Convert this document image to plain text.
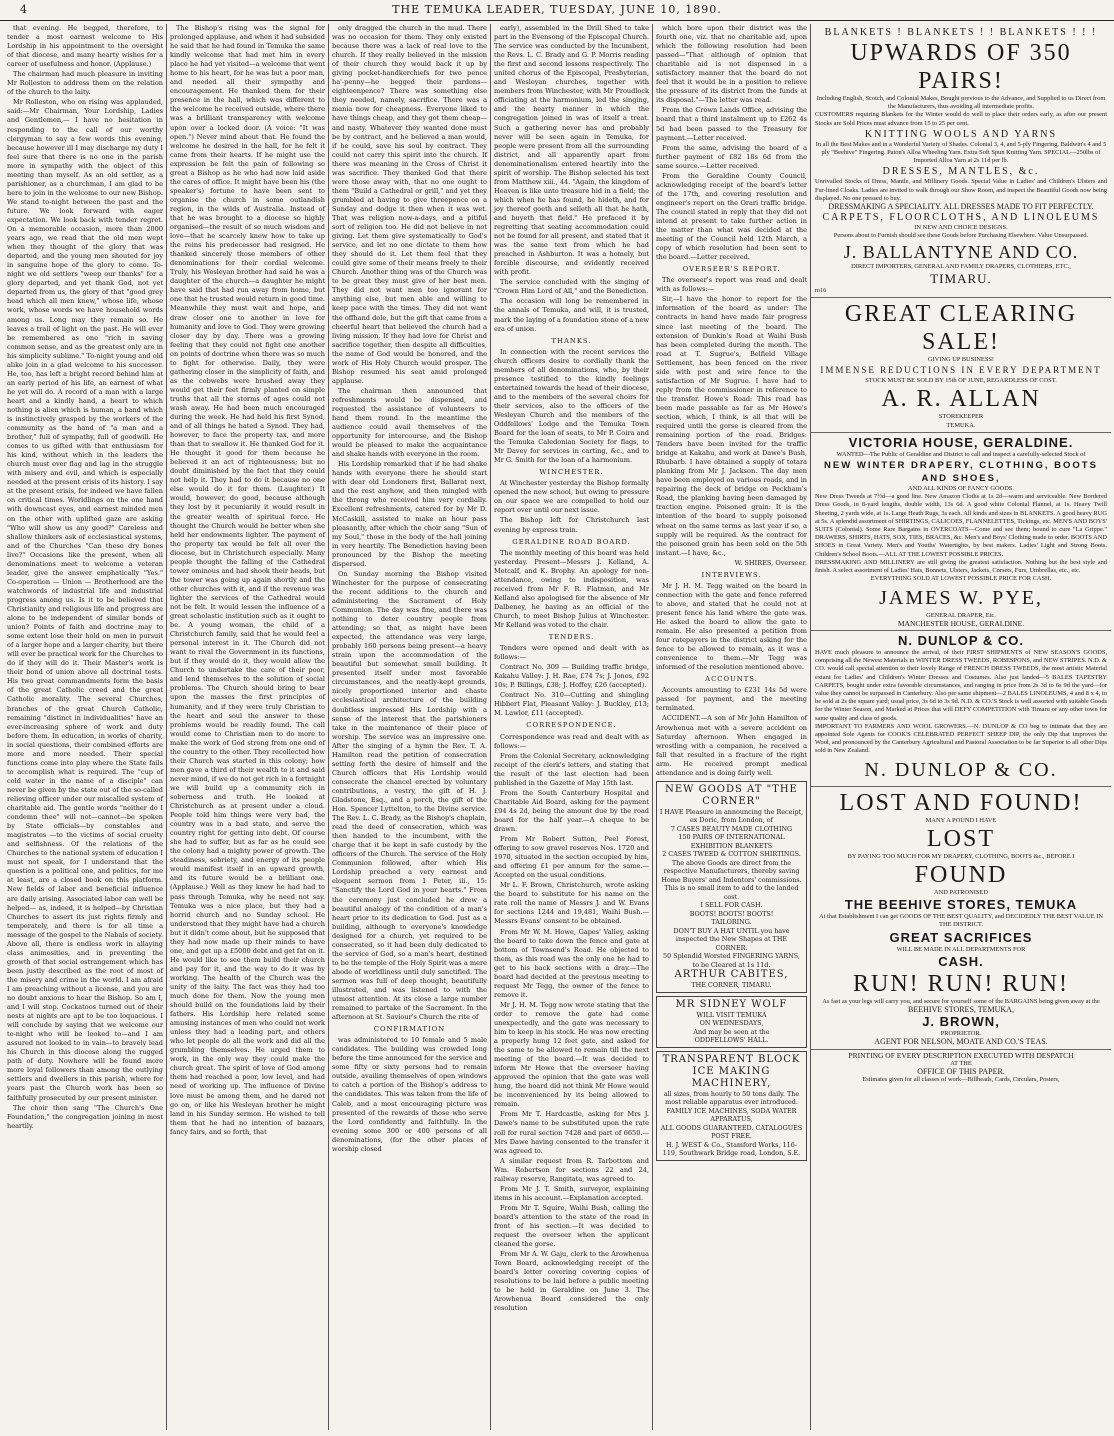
4	THE TEMUKA LEADER, TUESDAY, JUNE 10, 1890.

that evening. He begged, therefore, to tender a most earnest welcome to His Lordship in his appointment to the oversight of that diocese, and many hearty wishes for a career of usefulness and honor. (Applause.)

The chairman had much pleasure in inviting Mr Rolleston to address them on the relation of the church to the laity.

Mr Rolleston, who on rising was applauded, said:—Mr Chairman, Your Lordship, Ladies and Gentlemen,— I have no hesitation in responding to the call of our worthy clergyman to say a few words this evening, because however ill I may discharge my duty I feel sure that there is no one in the parish more in sympathy with the object of this meeting than myself. As an old settler, as a parishioner, as a churchman, I am glad to be here to join in the welcome to our new Bishop. We stand to-night between the past and the future. We look forward with eager expectation. We look back with tender regret. On a memorable occasion, more than 2000 years ago, we read that the old men wept when they thought of the glory that was departed, and the young men shouted for joy in sanguine hope of the glory to come. To-night we old settlers "weep our thanks" for a glory departed, and yet thank God, not yet departed from us, the glory of that "good grey head which all men knew," whose life, whose work, whose words we have household words among us. Long may they remain so. He leaves a trail of light on the past. He will ever be remembered as one "rich in saving common sense, and as the greatest only are in his simplicity sublime." To-night young and old alike join in a glad welcome to his successor. He, too, has left a bright record behind him at an early period of his life, an earnest of what he yet will do. A record of a man with a large heart and a kindly hand, a heart to which nothing is alien which is human, a hand which is instinctively grasped by the workers of the community as the hand of "a man and a brother," full of sympathy, full of goodwill. He comes to us gifted with that enthusiasm for his kind, without which in the leaders the church must ever flag and lag in the struggle with misery and evil, and which is especially needed at the present crisis of its history. I say at the present crisis, for indeed we have fallen on critical times. Worldlings on the one hand with downcast eyes, and earnest minded men on the other with uplifted gaze are asking "Who will show us any good?" Careless and shallow thinkers ask of ecclesiastical systems, and of the Churches "Can these dry bones live?" Occasions like the present, when all denominations meet to welcome a veteran leader, give the answer emphatically "Yes." Co-operation — Union — Brotherhood are the watchwords of industrial life and industrial progress among us. Is it to be believed that Christianity and religious life and progress are alone to be independent of similar bonds of union? Points of faith and doctrine may to some extent lose their hold on men in pursuit of a larger hope and a larger charity, but there will ever be practical work for the Churches to do if they will do it. Their Master's work is their bond of union above all doctrinal tests. His two great commandments form the basis of the great Catholic creed and the great Catholic morality. The several Churches, branches of the great Church Catholic, remaining "distinct in individualities" have an ever-increasing sphere of work and duty before them. In education, in works of charity, in social questions, their combined efforts are more and more needed. Their special functions come into play where the State fails to accomplish what is required. The "cup of cold water in the name of a disciple" can never be given by the state out of the so-called relieving officer under our miscalled system of charitable aid. The gentle words "neither do I condemn thee" will not—cannot—be spoken by State officials—by constables and magistrates —to the victims of social cruelty and selfishness. Of the relations of the Churches to the national system of education I must not speak, for I understand that the question is a political one, and politics, for me at least, are a closed book on this platform. New fields of labor and beneficial influence are daily arising. Associated labor can well be helped— as, indeed, it is helped—by Christian Churches to assert its just rights firmly and temperately, and there is for all time a message of the gospel to the Nabals of society. Above all, there is endless work in allaying class animosities, and in preventing the growth of that social estrangement which has been justly described as the root of most of the misery and crime in the world. I am afraid I am preaching without a license, and you are no doubt anxious to hear the Bishop. So am I, and I will stop. Cockatoos turned out of their nests at nights are apt to be too loquacious. I will conclude by saying that we welcome our to-night who will be looked to—and I am assured not looked to in vain—to bravely lead his Church in this diocese along the rugged path of duty. Nowhere will be found more more loyal followers than among the outlying settlers and dwellers in this parish, where for years past the Church work has been so faithfully prosecuted by our present minister.

The choir then sang "The Church's One Foundation," the congregation joining in most heartily.

The Bishop's rising was the signal for prolonged applause, and when it had subsided he said that he had found in Temuka the same kindly welcome that had met him in every place he had yet visited—a welcome that went home to his heart, for he was but a poor man, and needed all their sympathy and encouragement. He thanked them for their presence in the hall, which was different to the welcome he received outside, where there was a brilliant transparency with welcome upon over a locked door. (A voice: "It was open.") Never mind about that. He found the welcome he desired in the hall, for he felt it came from their hearts. If he might use the expression he felt the pain of following so great a Bishop as he who had now laid aside the cares of office. It might have been his (the speaker's) fortune to have been sent to organise the church in some outlandish region, in the wilds of Australia. Instead of that he was brought to a diocese so highly organised—the result of so much wisdom and love—that he scarcely knew how to take up the reins his predecessor had resigned. He thanked sincerely those members of other denominations for their cordial welcome. Truly, his Wesleyan brother had said he was a daughter of the church—a daughter he might have said that had run away from home, but one that he trusted would return in good time. Meanwhile they must wait and hope, and draw closer one to another in love for humanity and love to God. They were growing closer day by day. There was a growing feeling that they could not fight one another on points of doctrine when there was so much to fight for otherwise. Daily, they were gathering closer in the simplicity of faith, and as the cobwebs were brushed away they would get their feet firmly planted on simple truths that all the storms of ages could not wash away. He had been much encouraged during the week. He had held his first Synod, and of all things he hated a Synod. They had, however, to face the property tax, and more than that to swallow it. He thanked God for it. He thought it good for them because he believed it an act of righteousness; but no doubt diminished by the fact that they could not help it. They had to do it because no one else would do it for them. (Laughter.) It would, however, do good, because although they lost by it pecuniarily it would result in the greater wealth of spiritual force. He thought the Church would be better when she held her endowments lighter. The payment of the property tax would be felt all over the diocese, but in Christchurch especially. Many people thought the falling of the Cathedral tower ominous and had shook their heads, but the tower was going up again shortly and the other churches with it, and if the revenue was lighter the services of the Cathedral would not be felt. It would lessen the influence of a great scholastic institution such as it ought to be. A young woman, the child of a Christchurch family, said that he would feel a personal interest in it. The Church did not want to rival the Government in its functions, but if they would do it, they would allow the Church to undertake the care of their poor, and lend themselves to the solution of social problems. The Church should bring to bear upon the masses the first principles of humanity, and if they were truly Christian to the heart and soul the answer to these problems would be readily found. The call would come to Christian men to do more to make the work of God strong from one end of the country to the other. They recollected how their Church was started in this colony; how men gave a third of their wealth to it and said never mind, if we do not get rich in a fortnight we will build up a community rich in soberness and truth. He looked at Christchurch as at present under a cloud. People told him things were very bad, the country was in a bad state, and serve the country right for getting into debt. Of course she had to suffer, but as far as he could see the colony had a mighty power of growth. The steadiness, sobriety, and energy of its people would manifest itself in an upward growth, and its future would be a brilliant one. (Applause.) Well as they knew he had had to pass through Temuka, why he need not say. Temuka was a nice place, but they had a horrid church and no Sunday school. He understood that they might have had a church but it didn't come about, but he supposed that they had now made up their minds to have one, and get up a £5000 debt and get fat on it. He would like to see them build their church and pay for it, and the way to do it was by working. The health of the Church was the unity of the laity. The fact was they had too much done for them. Now the young men should build on the foundations laid by their fathers. His Lordship here related some amusing instances of men who could not work unless they had a leading part, and others who let people do all the work and did all the grumbling themselves. He urged them to work, in the only way they could make the church great. The spirit of love of God among them had reached a poor, low level, and had need of working up. The influence of Divine love must be among them, and he dared not go on, or like his Wesleyan brother he might land in his Sunday sermon. He wished to tell them that he had no intention of bazaars, fancy fairs, and so forth, that

only dragged the church in the mud. There was no occasion for them. They only existed because there was a lack of real love to the church. If they really believed in the mission of their church they would back it up by giving pocket-handkerchiefs for two pence ha'-penny—he begged their pardons—eighteenpence? There was something else they needed, namely, sacrifice. There was a mania now for cheapness. Everyone liked to have things cheap, and they got them cheap—and nasty. Whatever they wanted done must be by contract, and he believed a man would, if he could, save his soul by contract. They could not carry this spirit into the church. If there was meaning in the Cross of Christ it was sacrifice. They thanked God that there were those away with, that no one ought to them "Build a Cathedral or grill," and yet they grumbled at having to give threepence on a Sunday and dodge it then when it was wet. That was religion now-a-days, and a pitiful sort of religion too. He did not believe in not giving. Let them give systematically to God's service, and let no one dictate to them how they should do it. Let them feel that they could give some of their means freely to their Church. Another thing was of the Church was to be great they must give of her best men. They did not want men too ignorant for anything else, but men able and willing to keep pace with the times. They did not want the offhand dole, but the gift that came from a cheerful heart that believed the church had a living mission. If they had love for Christ and sacrifice together, then despite all difficulties, the name of God would be honored, and the work of His Holy Church would prosper. The Bishop resumed his seat amid prolonged applause.

The chairman then announced that refreshments would be dispensed, and requested the assistance of volunteers to hand them round. In the meantime the audience could avail themselves of the opportunity for intercourse, and the Bishop would be pleased to make the acquaintance and shake hands with everyone in the room.

His Lordship remarked that if he had shake hands with everyone there he should start with dear old Londoners first, Ballarat next, and the rest anyhow, and then mingled with the throng who received him very cordially. Excellent refreshments, catered for by Mr D. McCaskill, assisted to make an hour pass pleasantly, after which the choir sang "Sun of my Soul," those in the body of the hall joining in very heartily. The Benediction having been pronounced by the Bishop the meeting dispersed.

On Sunday morning the Bishop visited Winchester for the purpose of consecrating the recent additions to the church and administering the Sacrament of Holy Communion. The day was fine, and there was nothing to deter country people from attending; so that, as might have been expected, the attendance was very large, probably 160 persons being present—a heavy strain upon the accommodation of the beautiful but somewhat small building. It presented itself under most favorable circumstances, and the neatly-kept grounds, nicely proportioned interior and chaste ecclesiastical architecture of the building doubtless impressed His Lordship with a sense of the interest that the parishioners take in the maintenance of their place of worship. The service was an impressive one. After the singing of a hymn the Rev. T. A. Hamilton read the petition of consecration setting forth the desire of himself and the Church officers that His Lordship would consecrate the chancel erected by voluntary contributions, a vestry, the gift of H. J. Gladstone, Esq., and a porch, the gift of the Hon. Spencer Lyttelton, to the Divine service. The Rev. L. C. Brady, as the Bishop's chaplain, read the deed of consecration, which was then handed to the incumbent, with the charge that it be kept in safe custody by the officers of the Church. The service of the Holy Communion followed, after which His Lordship preached a very earnest and eloquent sermon from 1 Peter, iii., 15: "Sanctify the Lord God in your hearts." From the ceremony just concluded he drew a beautiful analogy of the condition of a man's heart prior to its dedication to God. Just as a building, although to everyone's knowledge designed for a church, yet required to be consecrated, so it had been duly dedicated to the service of God, so a man's heart, destined to be the temple of the Holy Spirit was a mere abode of worldliness until duly sanctified. The sermon was full of deep thought, beautifully illustrated, and was listened to with the utmost attention. At its close a large number remained to partake of the Sacrament. In the afternoon at St. Saviour's Church the rite of

CONFIRMATION

was administered to 10 female and 5 male candidates. The building was crowded long before the time announced for the service and some fifty or sixty persons had to remain outside, availing themselves of open windows to catch a portion of the Bishop's address to the candidates. This was taken from the life of Caleb, and a most encouraging picture was presented of the rewards of those who serve the Lord confidently and faithfully. In the evening some 300 or 400 persons of all denominations, (for the other places of worship closed

early), assembled in the Drill Shed to take part in the Evensong of the Episcopal Church. The service was conducted by the Incumbent, the Revs. L. C. Brady and G. P. Morris reading the first and second lessons respectively. The united chorus of the Episcopal, Presbyterian, and Wesleyan churches, together with members from Winchester, with Mr Proudlock officiating at the harmonium, led the singing, and the hearty manner in which the congregation joined in was of itself a treat. Such a gathering never has and probably never will be seen again in Temuka, for people were present from all the surrounding district, and all apparently apart from denominationalism entered heartily into the spirit of worship. The Bishop selected his text from Matthew xiii., 44. "Again, the kingdom of Heaven is like unto treasure hid in a field; the which when he has found, he hideth, and for joy thereof goeth and selleth all that he hath, and buyeth that field." He prefaced it by regretting that seating accommodation could not be found for all present, and stated that it was the same text from which he had preached in Ashburton. It was a homely, but forcible discourse, and evidently received with profit.

The service concluded with the singing of "Crown Him Lord of All," and the Benediction.

The occasion will long be remembered in the annals of Temuka, and will, it is trusted, mark the laying of a foundation stone of a new era of union.

THANKS.

In connection with the recent services the church officers desire to cordially thank the members of all denominations, who, by their presence testified to the kindly feelings entertained towards the head of their diocese, and to the members of the several choirs for their services, also to the officers of the Wesleyan Church and the members of the Oddfellows' Lodge and the Temuka Town Board for the loan of seats, to Mr P. Coira and the Temuka Caledonian Society for flags, to Mr Davey for services in carting, &c., and to Mr G. Smith for the loan of a harmonium.

WINCHESTER.

At Winchester yesterday the Bishop formally opened the new school, but owing to pressure on our space we are compelled to hold our report over until our next issue.

The Bishop left for Christchurch last evening by express train.

GERALDINE ROAD BOARD.

The monthly meeting of this board was held yesterday. Present—Messrs J. Kelland, A. Metcalf, and K. Brophy. An apology for non-attendance, owing to indisposition, was received from Mr F. R. Flatman, and Mr Kelland also apologised for the absence of Mr Dalbeney, he having as an official of the Church, to meet Bishop Julius at Winchester. Mr Kelland was voted to the chair.

TENDERS.

Tenders were opened and dealt with as follows:—

Contract No. 309 — Building traffic bridge, Kakahu Valley: J. H. Rae, £74 7s; J. Jones, £92 10s; P. Billings, £38; J. Hoffey, £26 (accepted).

Contract No. 310—Cutting and shingling Hibbert Flat, Pleasant Valley: J. Buckley, £13; M. Lawlor, £11 (accepted).

CORRESPONDENCE.

Correspondence was read and dealt with as follows:—

From the Colonial Secretary, acknowledging receipt of the clerk's letters, and stating that the result of the last election had been published in the Gazette of May 15th last.

From the South Canterbury Hospital and Charitable Aid Board, asking for the payment £94 4s 2d, being the amount due by the road board for the half year.—A cheque to be drawn.

From Mr Robert Sutton, Peel Forest, offering to sow gravel reserves Nos. 1720 and 1970, situated in the section occupied by him, and offering £1 per annum for the same.—Accepted on the usual conditions.

Mr L. F. Brown, Christchurch, wrote asking the board to substitute for his name on the rate roll the name of Messrs J. and W. Evans for sections 1244 and 19,481, Waihi Bush.—Messrs Evans' consent to be obtained.

From Mr W. M. Howe, Gapes' Valley, asking the board to take down the fence and gate at bottom of Townsend's Road. He objected to them, as this road was the only one he had to get to his back sections with a dray.—The board had decided at the previous meeting to request Mr Tegg, the owner of the fence to remove it.

Mr J. H. M. Tegg now wrote stating that the order to remove the gate had come unexpectedly, and the gate was necessary to him to keep in his stock. He was now erecting a properly hung 12 feet gate, and asked for the same to be allowed to remain till the next meeting of the board.—It was decided to inform Mr Howe that the overseer having approved the opinion that the gate was well hung, the board did not think Mr Howe would be inconvenienced by its being allowed to remain.

From Mr T. Hardcastle, asking for Mrs J. Dawe's name to be substituted upon the rate roll for rural section 7428 and part of 6650.—Mrs Dawe having consented to the transfer it was agreed to.

A similar request from R. Tarbottom and Wm. Robertson for sections 22 and 24, railway reserve, Rangitata, was agreed to.

From Mr J. T. Smith, surveyor, explaining items in his account.—Explanation accepted.

From Mr T. Squire, Waihi Bush, calling the board's attention to the state of the road in front of his section.—It was decided to request the overseer when the applicant cleaned the gorse.

From Mr A. W. Gaju, clerk to the Arowhenua Town Board, acknowledging receipt of the board's letter covering covering copies of resolutions to be laid before a public meeting to be held in Geraldine on June 3. The Arowhenua Board considered the only resolution

which bore upon their district was the fourth one, viz. that no charitable aid, upon which the following resolution had been passed—"That although of opinion that charitable aid is not dispensed in a satisfactory manner that the board do not feel that it would be in a position to relieve the pressure of its district from the funds at its disposal."—The letter was read.

From the Crown Lands Office, advising the board that a third instalment up to £262 4s 5d had been passed to the Treasury for payment.—Letter received.

From the same, advising the board of a further payment of £82 18s 6d from the same source.—Letter received.

From the Geraldine County Council, acknowledging receipt of the board's letter of the 17th, and covering resolution and engineer's report on the Orari traffic bridge. The council stated in reply that they did not intend at present to take further action in the matter than what was decided at the meeting of the Council held 12th March, a copy of which resolution had been sent to the board.—Letter received.

OVERSEER'S REPORT.

The overseer's report was read and dealt with as follows:—

Sir,—I have the honor to report for the information of the board as under: The contracts in hand have made fair progress since last meeting of the board. The extension of Dunkin's Road at Waihi Bush has been completed during the month. The road at T. Sugrue's, Belfield Village Settlement, has been fenced on the river side with post and wire fence to the satisfaction of Mr Sugrue. I have had to reply from the commissioner in reference to the transfer. Howe's Road: This road has been made passable as far as Mr Howe's section, which, I think, is all that will be required until the gorse is cleared from the remaining portion of the road. Bridges: Tenders have been invited for the traffic bridge at Kakahu, and work at Dawe's Bush, Rhubarb. I have obtained a supply of totara planking from Mr J. Jackson. The day men have been employed on various roads, and in repairing the deck of bridge on Peckham's Road, the planking having been damaged by traction engine. Poisoned grain: It is the intention of the board to supply poisoned wheat on the same terms as last year if so, a supply will be required. As the contract for the poisoned grain has been sold on the 5th instant.—I have, &c.,

W. SHIRES, Overseer.

INTERVIEWS.

Mr J. H. M. Tegg waited on the board in connection with the gate and fence referred to above, and stated that he could not at present fence his land where the gate was. He asked the board to allow the gate to remain. He also presented a petition from four ratepayers in the district asking for the fence to be allowed to remain, as it was a convenience to them.—Mr Tegg was informed of the resolution mentioned above.

ACCOUNTS.

Accounts amounting to £231 14s 5d were passed for payment, and the meeting terminated.

ACCIDENT.—A son of Mr John Hamilton of Arowhenua met with a severe accident on Saturday afternoon. When engaged in wrestling with a companion, he received a fall that resulted in a fracture of the right arm. He received prompt medical attendance and is doing fairly well.

NEW GOODS AT "THE CORNER"
I HAVE Pleasure in announcing the Receipt, ex Doric, from London, of
7 CASES BEAUTY MADE CLOTHING
150 PAIRS OF INTERNATIONAL EXHIBITION BLANKETS
2 CASES TWEED & COTTON SHIRTINGS.
The above Goods are direct from the respective Manufacturers, thereby saving Home Buyers' and Indentors' commissions. This is no small item to add to the landed cost.
I SELL FOR CASH.
BOOTS! BOOTS! BOOTS!
TAILORING.
DON'T BUY A HAT UNTIL you have inspected the New Shapes at THE CORNER.
50 Splendid Worsted FINGERING YARNS, to be Cleared at 1s 11d.
ARTHUR CABITES,
THE CORNER, TIMARU.
MR SIDNEY WOLF
WILL VISIT TEMUKA
ON WEDNESDAYS,
And may be seen at the
ODDFELLOWS' HALL.
TRANSPARENT BLOCK ICE MAKING MACHINERY,
all sizes, from hourly to 50 tons daily. The most reliable apparatus ever introduced.
FAMILY ICE MACHINES, SODA WATER APPARATUS,
ALL GOODS GUARANTEED. CATALOGUES POST FREE.
H. J. WEST & Co., Stamford Works, 116-119, Southwark Bridge road, London, S.E.
BLANKETS ! BLANKETS ! ! BLANKETS ! ! !
UPWARDS OF 350 PAIRS!
Including English, Scotch, and Colonial Makes, Bought previous to the Advance, and Supplied to us Direct from the Manufacturers, thus avoiding all intermediate profits.
CUSTOMERS requiring Blankets for the Winter would do well to place their orders early, as after our present Stocks are Sold Prices must advance from 15 to 25 per cent.
KNITTING WOOLS AND YARNS
In all the Best Makes and in a Wonderful Variety of Shades. Colonial 3, 4, and 5-ply Fingering. Baldwin's 4 and 5 ply "Beehive" Fingering. Paton's Alloa Wheeling Yarn. Extra Soft Spun Knitting Yarn. SPECIAL—250lbs of Imported Alloa Yarn at 2s 11d per lb.
DRESSES, MANTLES, &c.
Unrivalled Stocks of Dress, Mantle, and Millinery Goods. Special Value in Ladies' and Children's Ulsters and Fur-lined Cloaks. Ladies are invited to walk through our Show Room, and inspect the Beautiful Goods now being displayed. No one pressed to buy.
DRESSMAKING A SPECIALITY. ALL DRESSES MADE TO FIT PERFECTLY.
CARPETS, FLOORCLOTHS, AND LINOLEUMS
IN NEW AND CHOICE DESIGNS.
Persons about to Furnish should see these Goods before Purchasing Elsewhere. Value Unsurpassed.
J. BALLANTYNE AND CO.
DIRECT IMPORTERS, GENERAL AND FAMILY DRAPERS, CLOTHIERS, ETC.,
TIMARU.
m16
GREAT CLEARING SALE!
GIVING UP BUSINESS!
IMMENSE REDUCTIONS IN EVERY DEPARTMENT
STOCK MUST BE SOLD BY 15th OF JUNE, REGARDLESS OF COST.
A. R. ALLAN
STOREKEEPER
TEMUKA.
VICTORIA HOUSE, GERALDINE.
WANTED—The Public of Geraldine and District to call and inspect a carefully-selected Stock of
NEW WINTER DRAPERY, CLOTHING, BOOTS AND SHOES,
AND ALL KINDS OF FANCY GOODS.
New Dress Tweeds at 7½d—a good line. New Amazon Cloths at 1s 2d—warm and serviceable. New Bordered Dress Goods, in 8-yard lengths, double width, 13s 6d. A good white Colonial Flannel, at 1s. Heavy Twill Sheeting, 2 yards wide, at 1s. Large Heath Rugs, 3s each. All kinds and sizes in BLANKETS. A good heavy RUG at 5s. A splendid assortment of SHIRTINGS, CALICOES, FLANNELETTES, Tickings, etc. MEN'S AND BOYS' SUITS (Colonial). Some Rare Bargains in OVERCOATS—Come and see them; bound to cure "La Grippe." DRAWERS, SHIRTS, HATS, SOX, TIES, BRACES, &c. Men's and Boys' Clothing made to order. BOOTS AND SHOES in Great Variety. Men's and Youths' Watertights, by best makers. Ladies' Light and Strong Boots. Children's School Boots.—ALL AT THE LOWEST POSSIBLE PRICES.
DRESSMAKING AND MILLINERY are still giving the greatest satisfaction. Nothing but the best style and finish. A select assortment of Ladies' Hats, Bonnets, Ulsters, Jackets, Corsets, Furs, Umbrellas, etc., etc.
EVERYTHING SOLD AT LOWEST POSSIBLE PRICE FOR CASH.
JAMES W. PYE,
GENERAL DRAPER, Etc.
MANCHESTER HOUSE, GERALDINE.
N. DUNLOP & CO.
HAVE much pleasure to announce the arrival, of their FIRST SHIPMENTS of NEW SEASON'S GOODS, comprising all the Newest Materials in WINTER DRESS TWEEDS, ROBESPONS, and NEW STRIPES. N.D. & CO. would call special attention to their lovely Range of FRENCH DRESS TWEEDS, the most artistic Material extant for Ladies' and Children's Winter Dresses and Costumes. Also just landed—5 BALES TAPESTRY CARPETS, bought under extra favorable circumstances, and ranging in price from 2s 3d to 6s 9d the yard—for value they cannot be surpassed in Canterbury. Also per same shipment—2 BALES LINOLEUMS, 4 and 8 x 4, to be sold at 2s the square yard; usual price, 3s 6d to 3s 9d. N.D. & CO.'S Stock is well assorted with suitable Goods for the Winter Season, and Marked at Prices that will DEFY COMPETITION with Timaru or any other town for same quality and class of goods.
IMPORTANT TO FARMERS AND WOOL GROWERS.—N. DUNLOP & CO beg to intimate that they are appointed Sole Agents for COOK'S CELEBRATED PERFECT SHEEP DIP, the only Dip that improves the Wool, and pronounced by the Canterbury Agricultural and Pastoral Association to be far Superior to all other Dips sold in New Zealand.
N. DUNLOP & CO.
LOST AND FOUND!
MANY A POUND I HAVE
LOST
BY PAYING TOO MUCH FOR MY DRAPERY, CLOTHING, BOOTS &c., BEFORE I
FOUND
AND PATRONISED
THE BEEHIVE STORES, TEMUKA
At that Establishment I can get GOODS OF THE BEST QUALITY, and DECIDEDLY THE BEST VALUE IN THE DISTRICT.
GREAT SACRIFICES
WILL BE MADE IN ALL DEPARTMENTS FOR
CASH.
RUN! RUN! RUN!
As fast as your legs will carry you, and secure for yourself some of the BARGAINS being given away at the
BEEHIVE STORES, TEMUKA,
J. BROWN,
PROPRIETOR.
AGENT FOR NELSON, MOATE AND CO.'S TEAS.
PRINTING OF EVERY DESCRIPTION EXECUTED WITH DESPATCH
AT THE
OFFICE OF THIS PAPER.
Estimates given for all classes of work—Billheads, Cards, Circulars, Posters,
